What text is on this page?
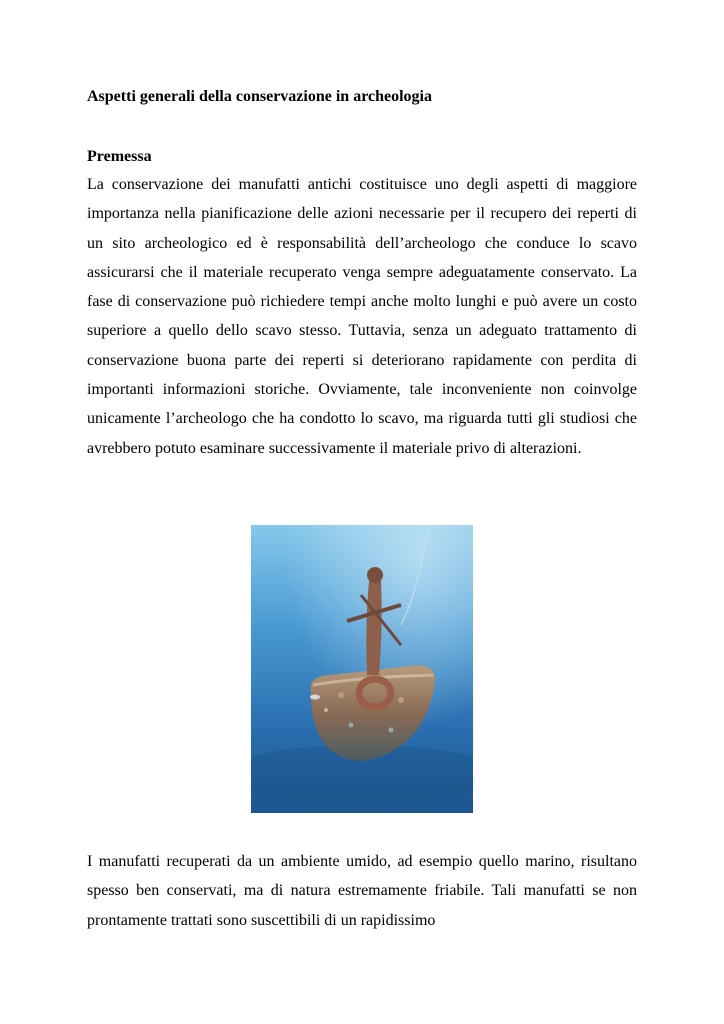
Aspetti generali della conservazione in archeologia
Premessa

La conservazione dei manufatti antichi costituisce uno degli aspetti di maggiore importanza nella pianificazione delle azioni necessarie per il recupero dei reperti di un sito archeologico ed è responsabilità dell’archeologo che conduce lo scavo assicurarsi che il materiale recuperato venga sempre adeguatamente conservato. La fase di conservazione può richiedere tempi anche molto lunghi e può avere un costo superiore a quello dello scavo stesso. Tuttavia, senza un adeguato trattamento di conservazione buona parte dei reperti si deteriorano rapidamente con perdita di importanti informazioni storiche. Ovviamente, tale inconveniente non coinvolge unicamente l’archeologo che ha condotto lo scavo, ma riguarda tutti gli studiosi che avrebbero potuto esaminare successivamente il materiale privo di alterazioni.

I manufatti recuperati da un ambiente umido, ad esempio quello marino, risultano spesso ben conservati, ma di natura estremamente friabile. Tali manufatti se non prontamente trattati sono suscettibili di un rapidissimo
